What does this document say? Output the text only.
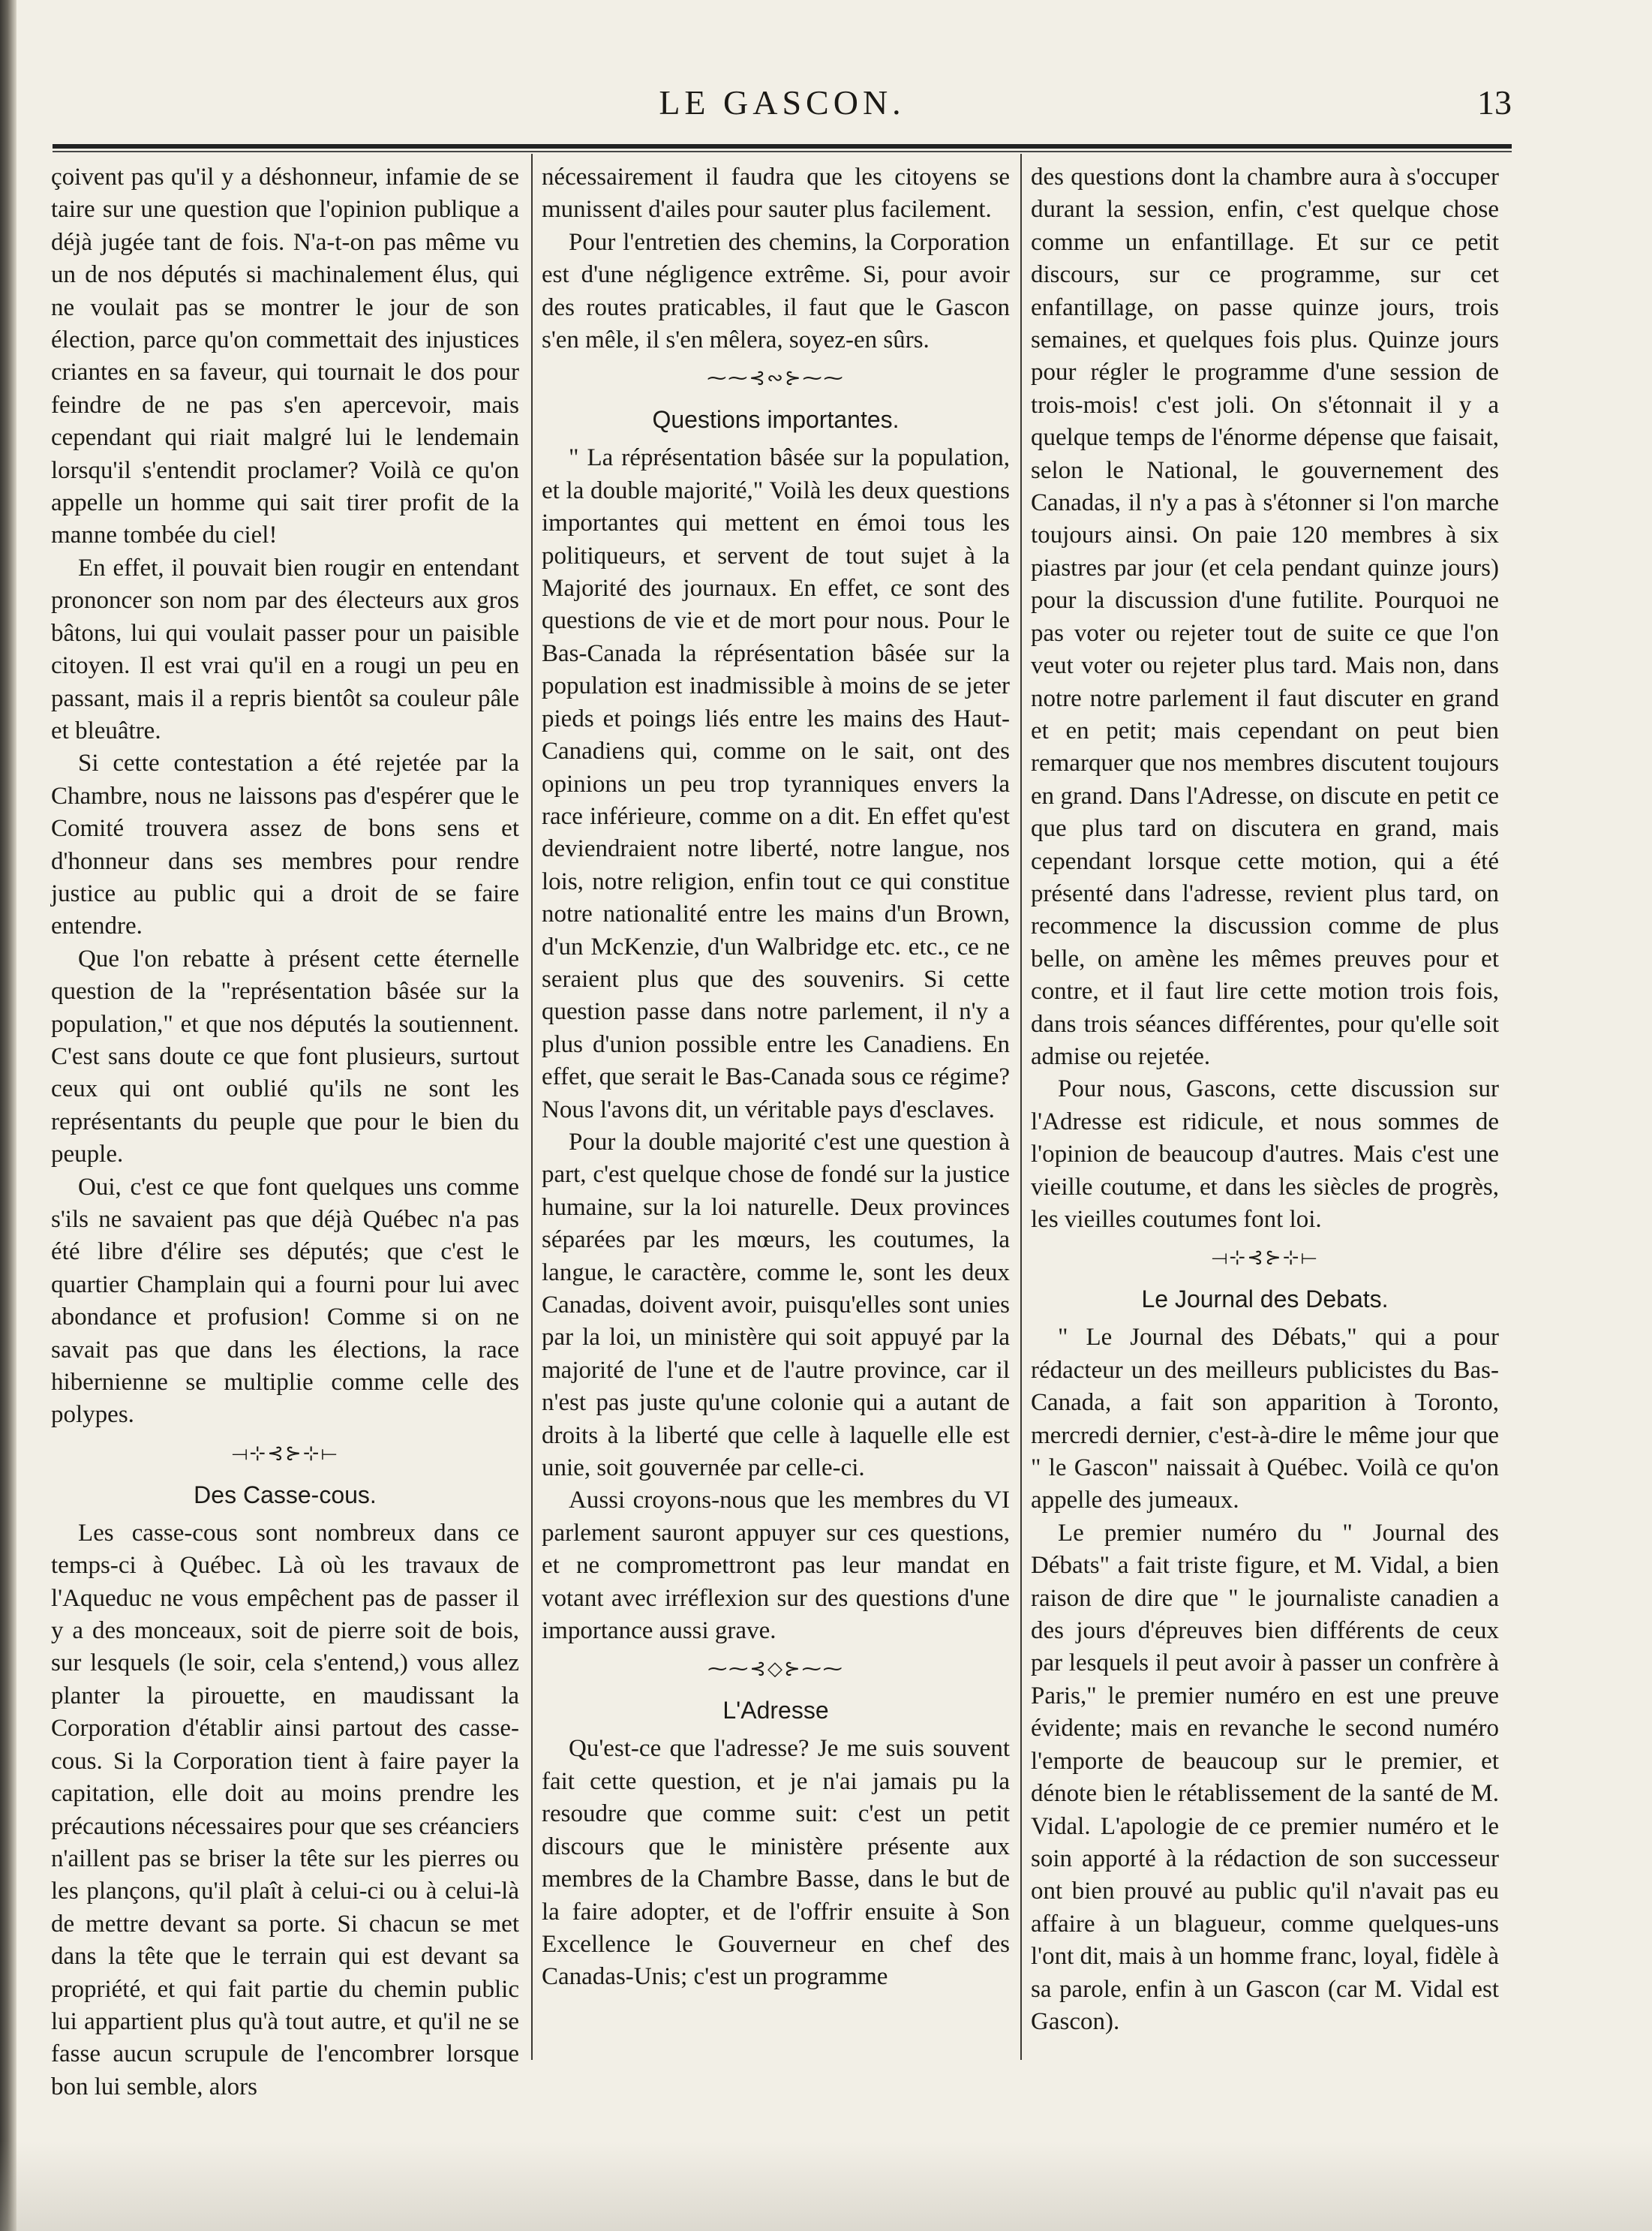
LE GASCON.	13

çoivent pas qu'il y a déshonneur, infamie de se taire sur une question que l'opinion publique a déjà jugée tant de fois. N'a-t-on pas même vu un de nos députés si machinalement élus, qui ne voulait pas se montrer le jour de son élection, parce qu'on commettait des injustices criantes en sa faveur, qui tournait le dos pour feindre de ne pas s'en apercevoir, mais cependant qui riait malgré lui le lendemain lorsqu'il s'entendit proclamer? Voilà ce qu'on appelle un homme qui sait tirer profit de la manne tombée du ciel!

En effet, il pouvait bien rougir en entendant prononcer son nom par des électeurs aux gros bâtons, lui qui voulait passer pour un paisible citoyen. Il est vrai qu'il en a rougi un peu en passant, mais il a repris bientôt sa couleur pâle et bleuâtre.

Si cette contestation a été rejetée par la Chambre, nous ne laissons pas d'espérer que le Comité trouvera assez de bons sens et d'honneur dans ses membres pour rendre justice au public qui a droit de se faire entendre.

Que l'on rebatte à présent cette éternelle question de la "représentation bâsée sur la population," et que nos députés la soutiennent. C'est sans doute ce que font plusieurs, surtout ceux qui ont oublié qu'ils ne sont les représentants du peuple que pour le bien du peuple.

Oui, c'est ce que font quelques uns comme s'ils ne savaient pas que déjà Québec n'a pas été libre d'élire ses députés; que c'est le quartier Champlain qui a fourni pour lui avec abondance et profusion! Comme si on ne savait pas que dans les élections, la race hibernienne se multiplie comme celle des polypes.

⟞⊹⊰⊱⊹⟝
Des Casse-cous.

Les casse-cous sont nombreux dans ce temps-ci à Québec. Là où les travaux de l'Aqueduc ne vous empêchent pas de passer il y a des monceaux, soit de pierre soit de bois, sur lesquels (le soir, cela s'entend,) vous allez planter la pirouette, en maudissant la Corporation d'établir ainsi partout des casse-cous. Si la Corporation tient à faire payer la capitation, elle doit au moins prendre les précautions nécessaires pour que ses créanciers n'aillent pas se briser la tête sur les pierres ou les plançons, qu'il plaît à celui-ci ou à celui-là de mettre devant sa porte. Si chacun se met dans la tête que le terrain qui est devant sa propriété, et qui fait partie du chemin public lui appartient plus qu'à tout autre, et qu'il ne se fasse aucun scrupule de l'encombrer lorsque bon lui semble, alors

nécessairement il faudra que les citoyens se munissent d'ailes pour sauter plus facilement.

Pour l'entretien des chemins, la Corporation est d'une négligence extrême. Si, pour avoir des routes praticables, il faut que le Gascon s'en mêle, il s'en mêlera, soyez-en sûrs.

⁓⁓⊰∾⊱⁓⁓
Questions importantes.

" La réprésentation bâsée sur la population, et la double majorité," Voilà les deux questions importantes qui mettent en émoi tous les politiqueurs, et servent de tout sujet à la Majorité des journaux. En effet, ce sont des questions de vie et de mort pour nous. Pour le Bas-Canada la réprésentation bâsée sur la population est inadmissible à moins de se jeter pieds et poings liés entre les mains des Haut-Canadiens qui, comme on le sait, ont des opinions un peu trop tyranniques envers la race inférieure, comme on a dit. En effet qu'est deviendraient notre liberté, notre langue, nos lois, notre religion, enfin tout ce qui constitue notre nationalité entre les mains d'un Brown, d'un McKenzie, d'un Walbridge etc. etc., ce ne seraient plus que des souvenirs. Si cette question passe dans notre parlement, il n'y a plus d'union possible entre les Canadiens. En effet, que serait le Bas-Canada sous ce régime? Nous l'avons dit, un véritable pays d'esclaves.

Pour la double majorité c'est une question à part, c'est quelque chose de fondé sur la justice humaine, sur la loi naturelle. Deux provinces séparées par les mœurs, les coutumes, la langue, le caractère, comme le, sont les deux Canadas, doivent avoir, puisqu'elles sont unies par la loi, un ministère qui soit appuyé par la majorité de l'une et de l'autre province, car il n'est pas juste qu'une colonie qui a autant de droits à la liberté que celle à laquelle elle est unie, soit gouvernée par celle-ci.

Aussi croyons-nous que les membres du VI parlement sauront appuyer sur ces questions, et ne compromettront pas leur mandat en votant avec irréflexion sur des questions d'une importance aussi grave.

⁓⁓⊰◇⊱⁓⁓
L'Adresse

Qu'est-ce que l'adresse? Je me suis souvent fait cette question, et je n'ai jamais pu la resoudre que comme suit: c'est un petit discours que le ministère présente aux membres de la Chambre Basse, dans le but de la faire adopter, et de l'offrir ensuite à Son Excellence le Gouverneur en chef des Canadas-Unis; c'est un programme

des questions dont la chambre aura à s'occuper durant la session, enfin, c'est quelque chose comme un enfantillage. Et sur ce petit discours, sur ce programme, sur cet enfantillage, on passe quinze jours, trois semaines, et quelques fois plus. Quinze jours pour régler le programme d'une session de trois-mois! c'est joli. On s'étonnait il y a quelque temps de l'énorme dépense que faisait, selon le National, le gouvernement des Canadas, il n'y a pas à s'étonner si l'on marche toujours ainsi. On paie 120 membres à six piastres par jour (et cela pendant quinze jours) pour la discussion d'une futilite. Pourquoi ne pas voter ou rejeter tout de suite ce que l'on veut voter ou rejeter plus tard. Mais non, dans notre notre parlement il faut discuter en grand et en petit; mais cependant on peut bien remarquer que nos membres discutent toujours en grand. Dans l'Adresse, on discute en petit ce que plus tard on discutera en grand, mais cependant lorsque cette motion, qui a été présenté dans l'adresse, revient plus tard, on recommence la discussion comme de plus belle, on amène les mêmes preuves pour et contre, et il faut lire cette motion trois fois, dans trois séances différentes, pour qu'elle soit admise ou rejetée.

Pour nous, Gascons, cette discussion sur l'Adresse est ridicule, et nous sommes de l'opinion de beaucoup d'autres. Mais c'est une vieille coutume, et dans les siècles de progrès, les vieilles coutumes font loi.

⟞⊹⊰⊱⊹⟝
Le Journal des Debats.

" Le Journal des Débats," qui a pour rédacteur un des meilleurs publicistes du Bas-Canada, a fait son apparition à Toronto, mercredi dernier, c'est-à-dire le même jour que " le Gascon" naissait à Québec. Voilà ce qu'on appelle des jumeaux.

Le premier numéro du " Journal des Débats" a fait triste figure, et M. Vidal, a bien raison de dire que " le journaliste canadien a des jours d'épreuves bien différents de ceux par lesquels il peut avoir à passer un confrère à Paris," le premier numéro en est une preuve évidente; mais en revanche le second numéro l'emporte de beaucoup sur le premier, et dénote bien le rétablissement de la santé de M. Vidal. L'apologie de ce premier numéro et le soin apporté à la rédaction de son successeur ont bien prouvé au public qu'il n'avait pas eu affaire à un blagueur, comme quelques-uns l'ont dit, mais à un homme franc, loyal, fidèle à sa parole, enfin à un Gascon (car M. Vidal est Gascon).
